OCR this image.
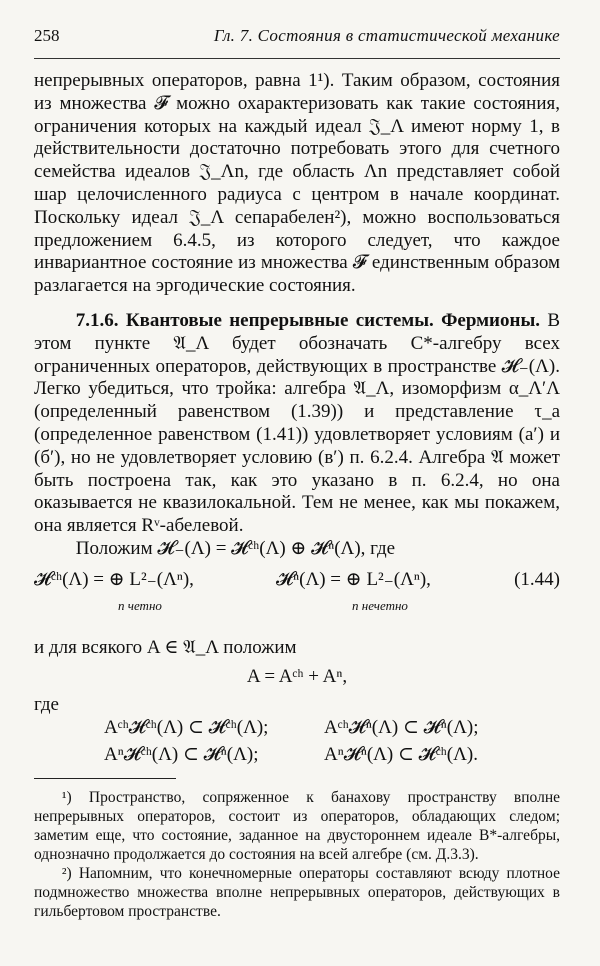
258	Гл. 7. Состояния в статистической механике

непрерывных операторов, равна 1¹). Таким образом, состояния из множества 𝓕 можно охарактеризовать как такие состояния, ограничения которых на каждый идеал 𝔍_Λ имеют норму 1, в действительности достаточно потребовать этого для счетного семейства идеалов 𝔍_Λn, где область Λn представляет собой шар целочисленного радиуса с центром в начале координат. Поскольку идеал 𝔍_Λ сепарабелен²), можно воспользоваться предложением 6.4.5, из которого следует, что каждое инвариантное состояние из множества 𝓕 единственным образом разлагается на эргодические состояния.

7.1.6. Квантовые непрерывные системы. Фермионы. В этом пункте 𝔄_Λ будет обозначать C*-алгебру всех ограниченных операторов, действующих в пространстве 𝓗₋(Λ). Легко убедиться, что тройка: алгебра 𝔄_Λ, изоморфизм α_Λ′Λ (определенный равенством (1.39)) и представление τ_a (определенное равенством (1.41)) удовлетворяет условиям (a′) и (б′), но не удовлетворяет условию (в′) п. 6.2.4. Алгебра 𝔄 может быть построена так, как это указано в п. 6.2.4, но она оказывается не квазилокальной. Тем не менее, как мы покажем, она является Rᵛ-абелевой.

Положим 𝓗₋(Λ) = 𝓗ᶜʰ(Λ) ⊕ 𝓗ⁿ(Λ), где

𝓗ᶜʰ(Λ) = ⊕ L²₋(Λⁿ),
n четно
𝓗ⁿ(Λ) = ⊕ L²₋(Λⁿ),
n нечетно
(1.44)

и для всякого A ∈ 𝔄_Λ положим

A = Aᶜʰ + Aⁿ,

где

Aᶜʰ𝓗ᶜʰ(Λ) ⊂ 𝓗ᶜʰ(Λ);	Aᶜʰ𝓗ⁿ(Λ) ⊂ 𝓗ⁿ(Λ);
Aⁿ𝓗ᶜʰ(Λ) ⊂ 𝓗ⁿ(Λ);	Aⁿ𝓗ⁿ(Λ) ⊂ 𝓗ᶜʰ(Λ).

¹) Пространство, сопряженное к банахову пространству вполне непрерывных операторов, состоит из операторов, обладающих следом; заметим еще, что состояние, заданное на двустороннем идеале B*-алгебры, однозначно продолжается до состояния на всей алгебре (см. Д.3.3).

²) Напомним, что конечномерные операторы составляют всюду плотное подмножество множества вполне непрерывных операторов, действующих в гильбертовом пространстве.
